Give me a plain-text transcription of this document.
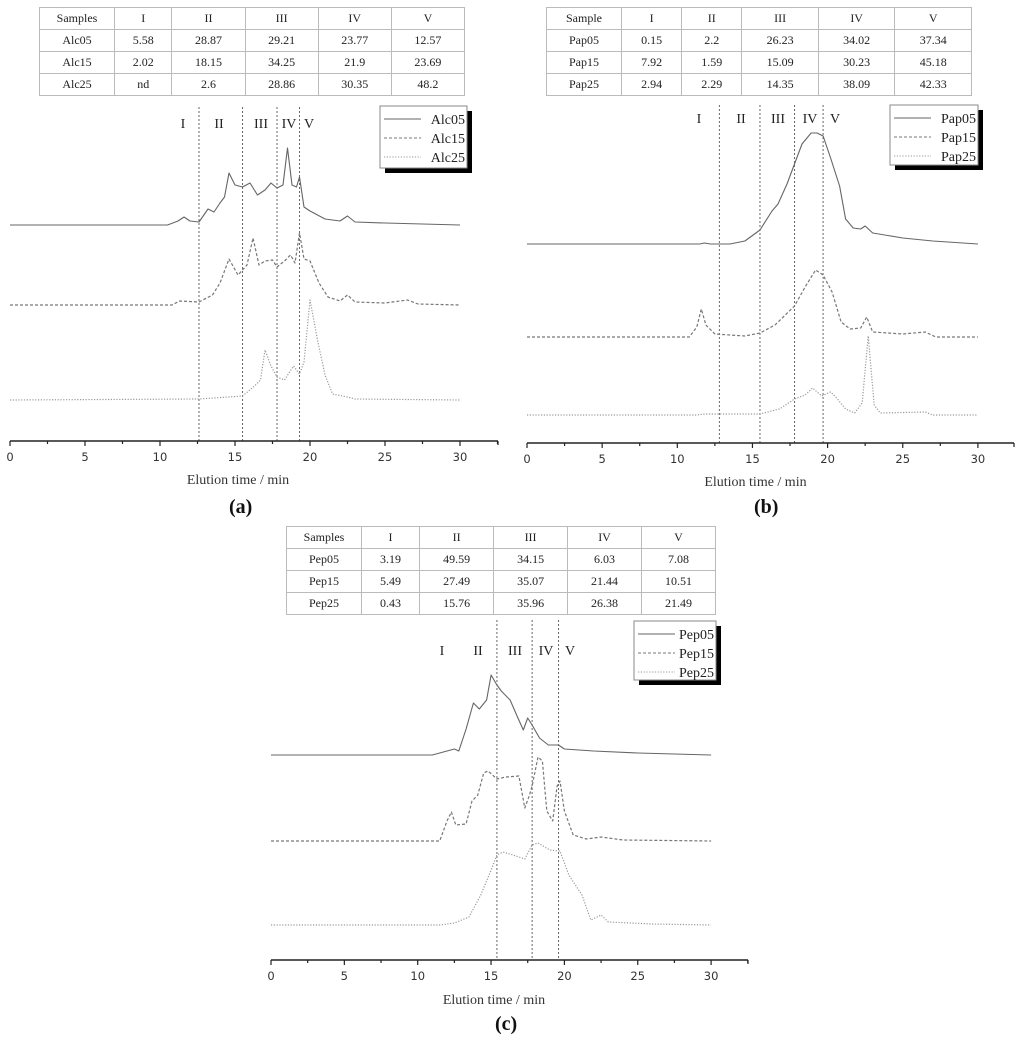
Samples	I	II	III	IV	V
Alc05	5.58	28.87	29.21	23.77	12.57
Alc15	2.02	18.15	34.25	21.9	23.69
Alc25	nd	2.6	28.86	30.35	48.2
I II III IV V
0	5	10	15	20	25	30
Elution time / min
Alc05
Alc15
Alc25
(a)
Sample	I	II	III	IV	V
Pap05	0.15	2.2	26.23	34.02	37.34
Pap15	7.92	1.59	15.09	30.23	45.18
Pap25	2.94	2.29	14.35	38.09	42.33
I	II III IV V
0	5	10	15	20	25	30
Elution time / min
Pap05
Pap15
Pap25
(b)
Samples	I	II	III	IV	V
Pep05	3.19	49.59	34.15	6.03	7.08
Pep15	5.49	27.49	35.07	21.44	10.51
Pep25	0.43	15.76	35.96	26.38	21.49
I II III IV V
0	5	10	15	20	25	30
Elution time / min
Pep05
Pep15
Pep25
(c)
